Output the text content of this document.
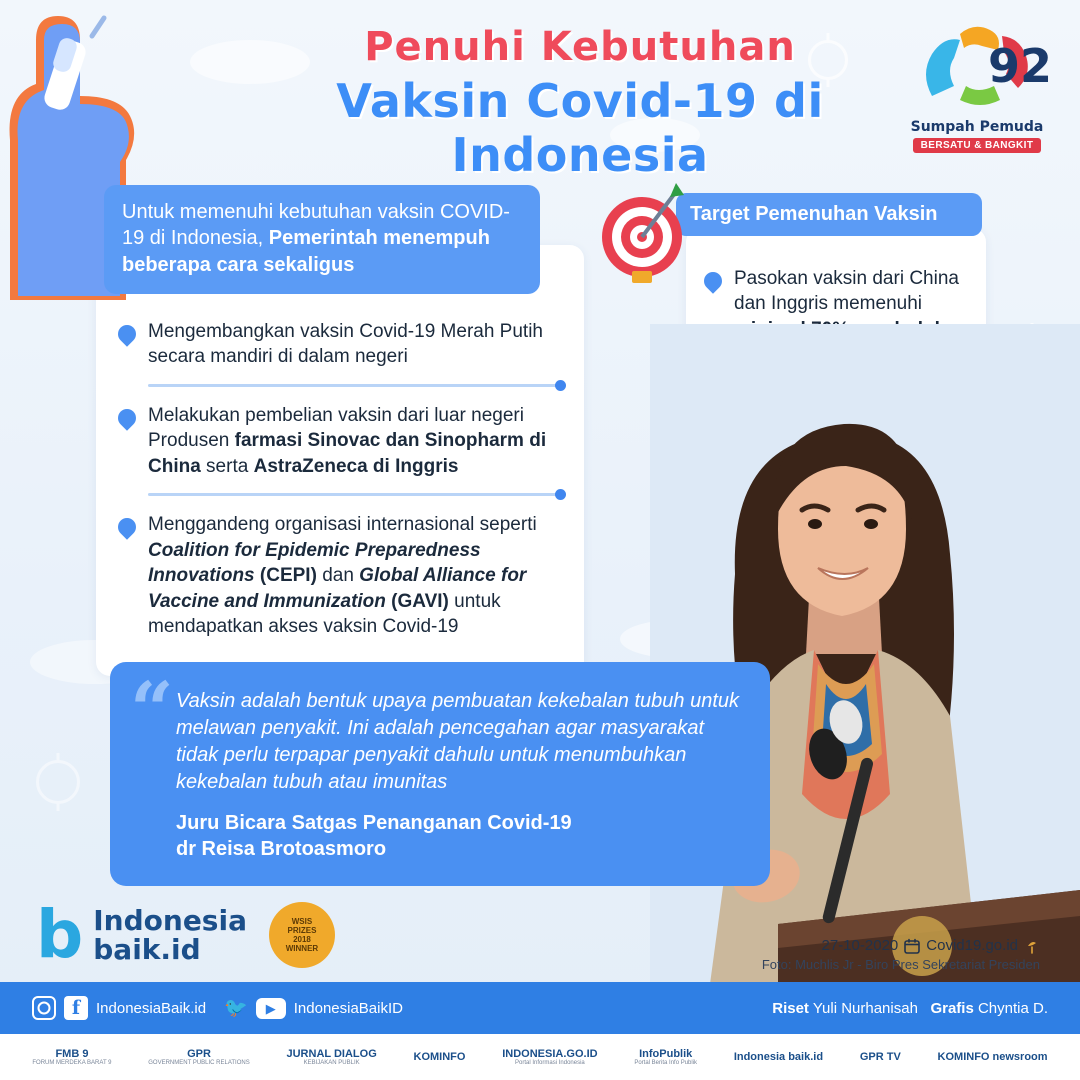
Penuhi Kebutuhan
Vaksin Covid-19 di Indonesia
92
Sumpah Pemuda
BERSATU & BANGKIT
Mengembangkan vaksin Covid-19 Merah Putih secara mandiri di dalam negeri
Melakukan pembelian vaksin dari luar negeri Produsen farmasi Sinovac dan Sinopharm di China serta AstraZeneca di Inggris
Menggandeng organisasi internasional seperti Coalition for Epidemic Preparedness Innovations (CEPI) dan Global Alliance for Vaccine and Immunization (GAVI) untuk mendapatkan akses vaksin Covid-19
Untuk memenuhi kebutuhan vaksin COVID-19 di Indonesia, Pemerintah menempuh beberapa cara sekaligus
Pasokan vaksin dari China dan Inggris memenuhi
Target Pemenuhan Vaksin
“ Vaksin adalah bentuk upaya pembuatan kekebalan tubuh untuk melawan penyakit. Ini adalah pencegahan agar masyarakat tidak perlu terpapar penyakit dahulu untuk menumbuhkan kekebalan tubuh atau imunitas
Juru Bicara Satgas Penanganan Covid-19
dr Reisa Brotoasmoro
27-10-2020 Covid19.go.id
Foto: Muchlis Jr - Biro Pres Sekretariat Presiden
b Indonesia
baik.id
WSIS
PRIZES
2018
WINNER
f	IndonesiaBaik.id 🐦	▶	IndonesiaBaikID	Riset Yuli Nurhanisah Grafis Chyntia D.
FMB 9
FORUM MERDEKA BARAT 9
GPR
GOVERNMENT PUBLIC RELATIONS
JURNAL DIALOG
KEBIJAKAN PUBLIK	KOMINFO	INDONESIA.GO.ID
Portal Informasi Indonesia
InfoPublik
Portal Berita Info Publik	Indonesia baik.id	GPR TV	KOMINFO newsroom
